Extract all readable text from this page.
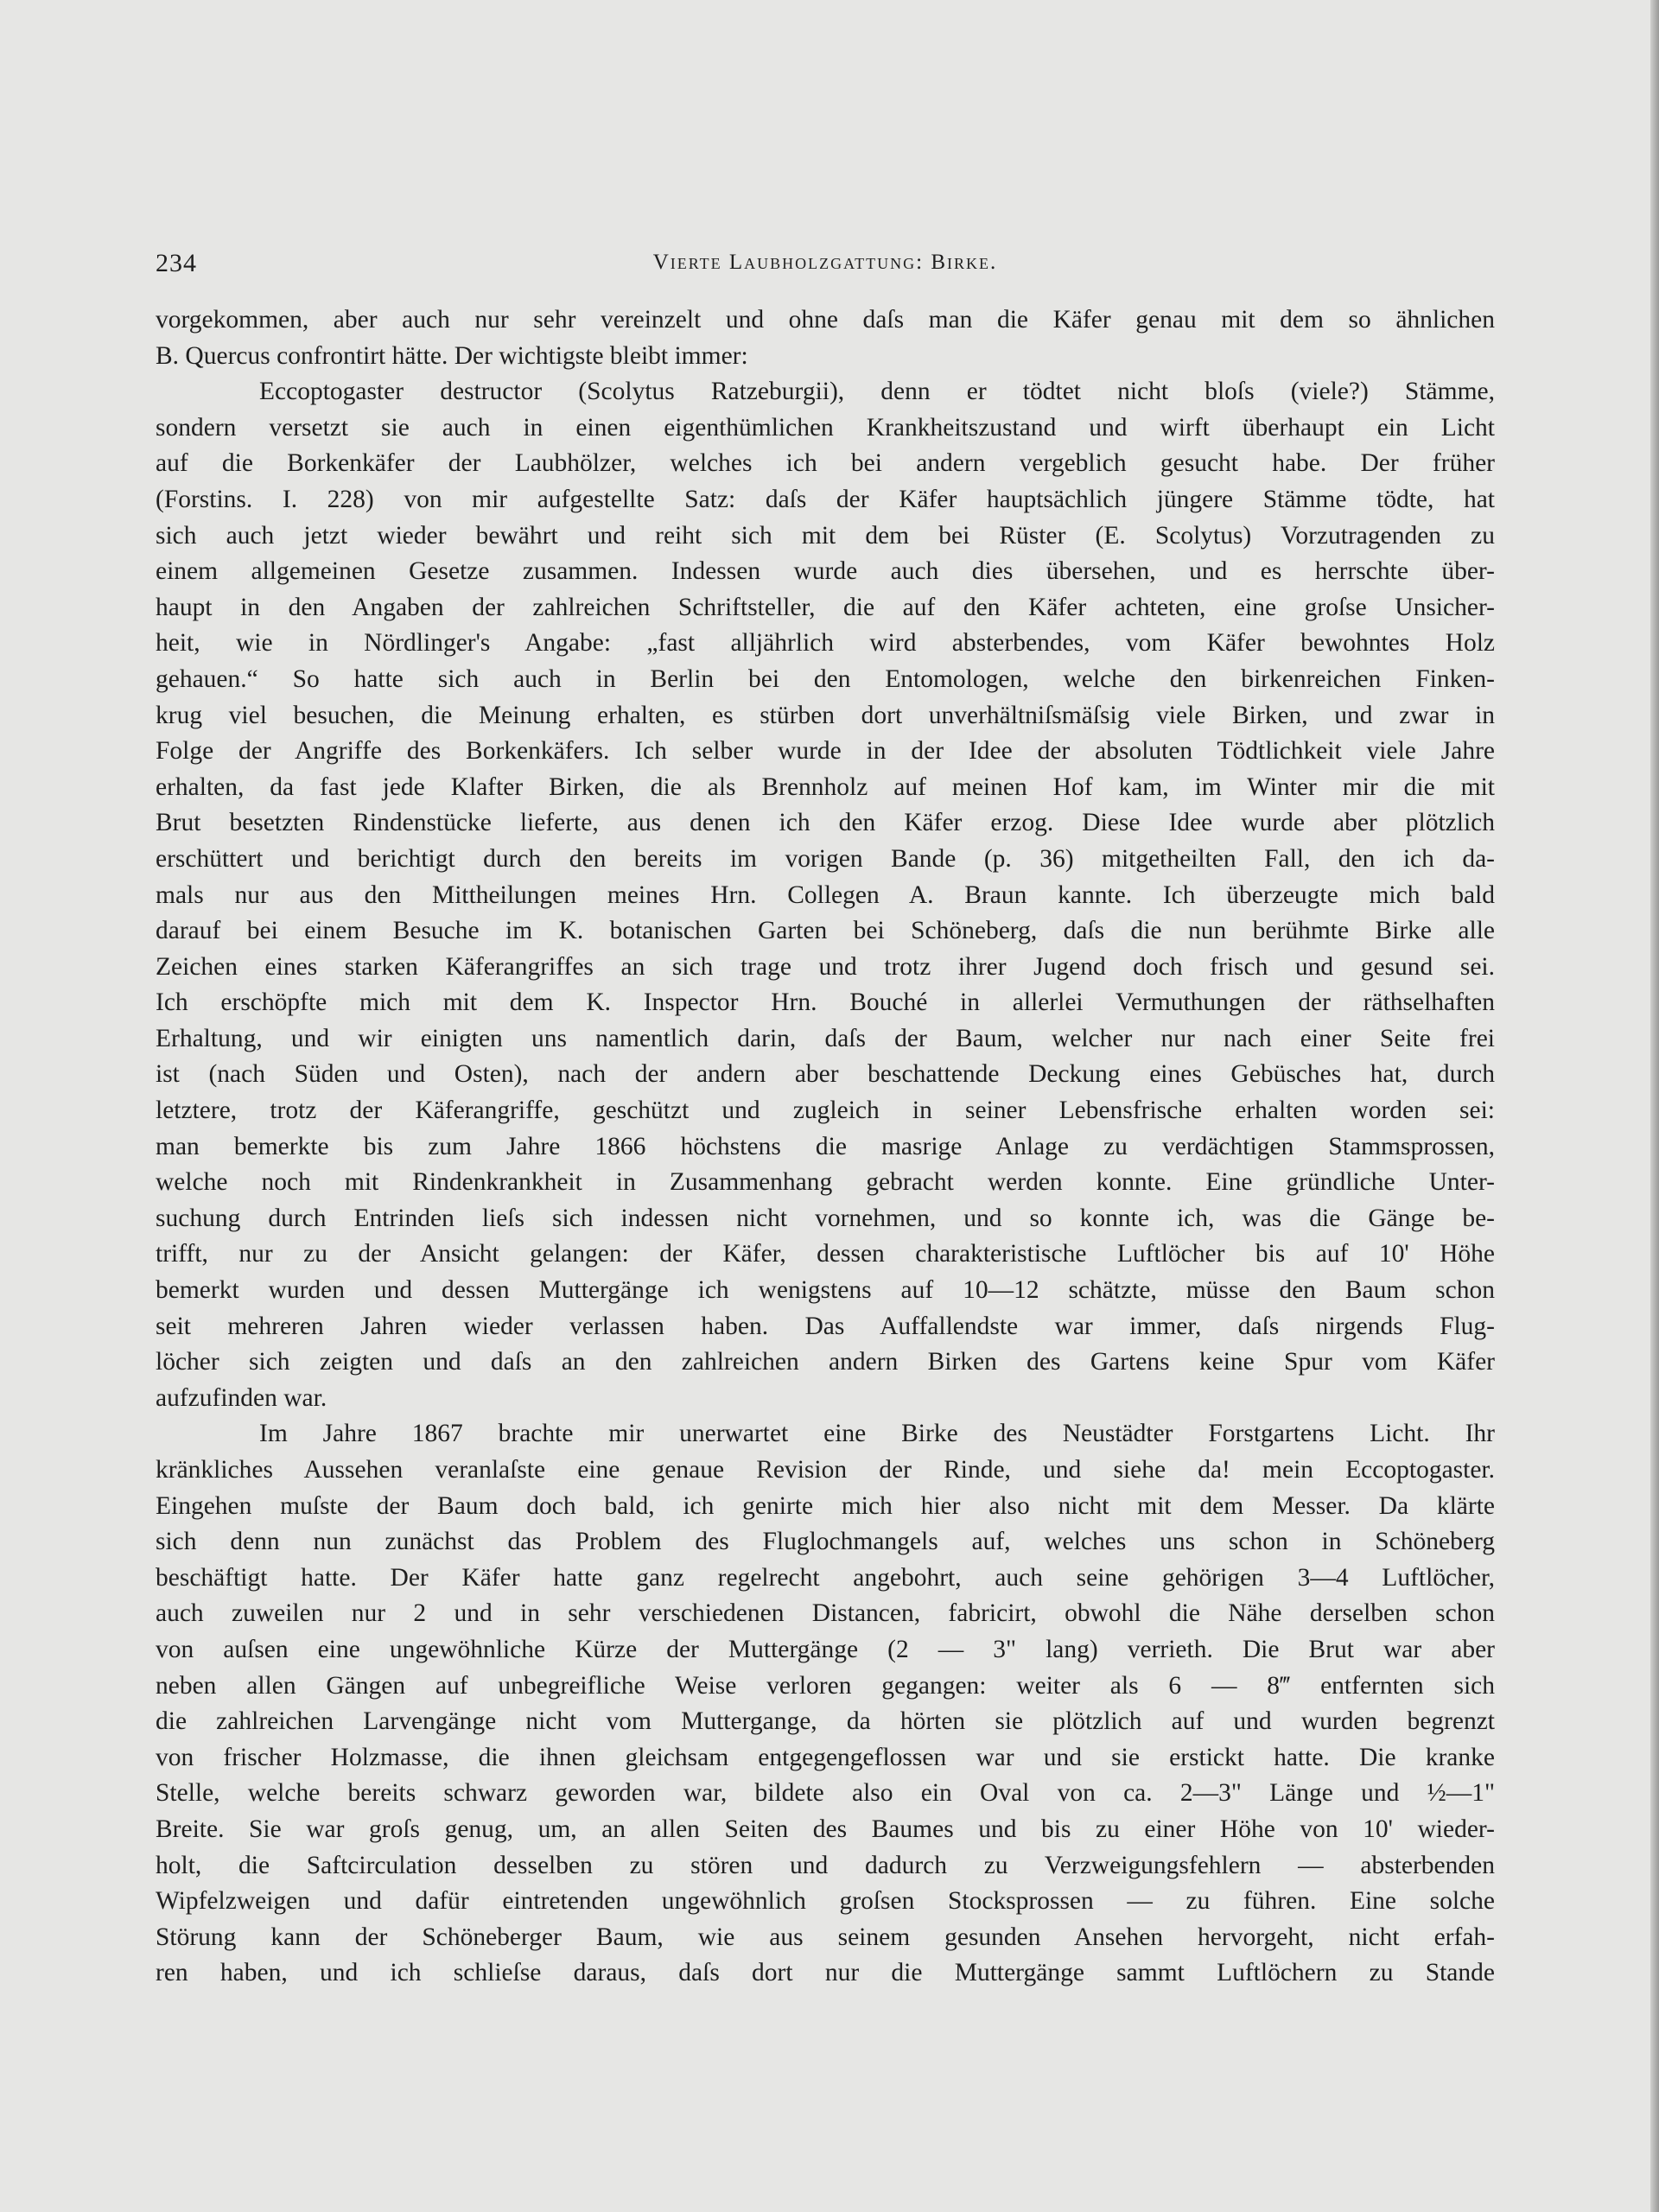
234	Vierte Laubholzgattung: Birke.
vorgekommen, aber auch nur sehr vereinzelt und ohne daſs man die Käfer genau mit dem so ähnlichen
B. Quercus confrontirt hätte. Der wichtigste bleibt immer:
Eccoptogaster destructor (Scolytus Ratzeburgii), denn er tödtet nicht bloſs (viele?) Stämme,
sondern versetzt sie auch in einen eigenthümlichen Krankheitszustand und wirft überhaupt ein Licht
auf die Borkenkäfer der Laubhölzer, welches ich bei andern vergeblich gesucht habe. Der früher
(Forstins. I. 228) von mir aufgestellte Satz: daſs der Käfer hauptsächlich jüngere Stämme tödte, hat
sich auch jetzt wieder bewährt und reiht sich mit dem bei Rüster (E. Scolytus) Vorzutragenden zu
einem allgemeinen Gesetze zusammen. Indessen wurde auch dies übersehen, und es herrschte über-
haupt in den Angaben der zahlreichen Schriftsteller, die auf den Käfer achteten, eine groſse Unsicher-
heit, wie in Nördlinger's Angabe: „fast alljährlich wird absterbendes, vom Käfer bewohntes Holz
gehauen.“ So hatte sich auch in Berlin bei den Entomologen, welche den birkenreichen Finken-
krug viel besuchen, die Meinung erhalten, es stürben dort unverhältniſsmäſsig viele Birken, und zwar in
Folge der Angriffe des Borkenkäfers. Ich selber wurde in der Idee der absoluten Tödtlichkeit viele Jahre
erhalten, da fast jede Klafter Birken, die als Brennholz auf meinen Hof kam, im Winter mir die mit
Brut besetzten Rindenstücke lieferte, aus denen ich den Käfer erzog. Diese Idee wurde aber plötzlich
erschüttert und berichtigt durch den bereits im vorigen Bande (p. 36) mitgetheilten Fall, den ich da-
mals nur aus den Mittheilungen meines Hrn. Collegen A. Braun kannte. Ich überzeugte mich bald
darauf bei einem Besuche im K. botanischen Garten bei Schöneberg, daſs die nun berühmte Birke alle
Zeichen eines starken Käferangriffes an sich trage und trotz ihrer Jugend doch frisch und gesund sei.
Ich erschöpfte mich mit dem K. Inspector Hrn. Bouché in allerlei Vermuthungen der räthselhaften
Erhaltung, und wir einigten uns namentlich darin, daſs der Baum, welcher nur nach einer Seite frei
ist (nach Süden und Osten), nach der andern aber beschattende Deckung eines Gebüsches hat, durch
letztere, trotz der Käferangriffe, geschützt und zugleich in seiner Lebensfrische erhalten worden sei:
man bemerkte bis zum Jahre 1866 höchstens die masrige Anlage zu verdächtigen Stammsprossen,
welche noch mit Rindenkrankheit in Zusammenhang gebracht werden konnte. Eine gründliche Unter-
suchung durch Entrinden lieſs sich indessen nicht vornehmen, und so konnte ich, was die Gänge be-
trifft, nur zu der Ansicht gelangen: der Käfer, dessen charakteristische Luftlöcher bis auf 10' Höhe
bemerkt wurden und dessen Muttergänge ich wenigstens auf 10—12 schätzte, müsse den Baum schon
seit mehreren Jahren wieder verlassen haben. Das Auffallendste war immer, daſs nirgends Flug-
löcher sich zeigten und daſs an den zahlreichen andern Birken des Gartens keine Spur vom Käfer
aufzufinden war.
Im Jahre 1867 brachte mir unerwartet eine Birke des Neustädter Forstgartens Licht. Ihr
kränkliches Aussehen veranlaſste eine genaue Revision der Rinde, und siehe da! mein Eccoptogaster.
Eingehen muſste der Baum doch bald, ich genirte mich hier also nicht mit dem Messer. Da klärte
sich denn nun zunächst das Problem des Fluglochmangels auf, welches uns schon in Schöneberg
beschäftigt hatte. Der Käfer hatte ganz regelrecht angebohrt, auch seine gehörigen 3—4 Luftlöcher,
auch zuweilen nur 2 und in sehr verschiedenen Distancen, fabricirt, obwohl die Nähe derselben schon
von auſsen eine ungewöhnliche Kürze der Muttergänge (2 — 3" lang) verrieth. Die Brut war aber
neben allen Gängen auf unbegreifliche Weise verloren gegangen: weiter als 6 — 8‴ entfernten sich
die zahlreichen Larvengänge nicht vom Muttergange, da hörten sie plötzlich auf und wurden begrenzt
von frischer Holzmasse, die ihnen gleichsam entgegengeflossen war und sie erstickt hatte. Die kranke
Stelle, welche bereits schwarz geworden war, bildete also ein Oval von ca. 2—3" Länge und ½—1"
Breite. Sie war groſs genug, um, an allen Seiten des Baumes und bis zu einer Höhe von 10' wieder-
holt, die Saftcirculation desselben zu stören und dadurch zu Verzweigungsfehlern — absterbenden
Wipfelzweigen und dafür eintretenden ungewöhnlich groſsen Stocksprossen — zu führen. Eine solche
Störung kann der Schöneberger Baum, wie aus seinem gesunden Ansehen hervorgeht, nicht erfah-
ren haben, und ich schlieſse daraus, daſs dort nur die Muttergänge sammt Luftlöchern zu Stande
